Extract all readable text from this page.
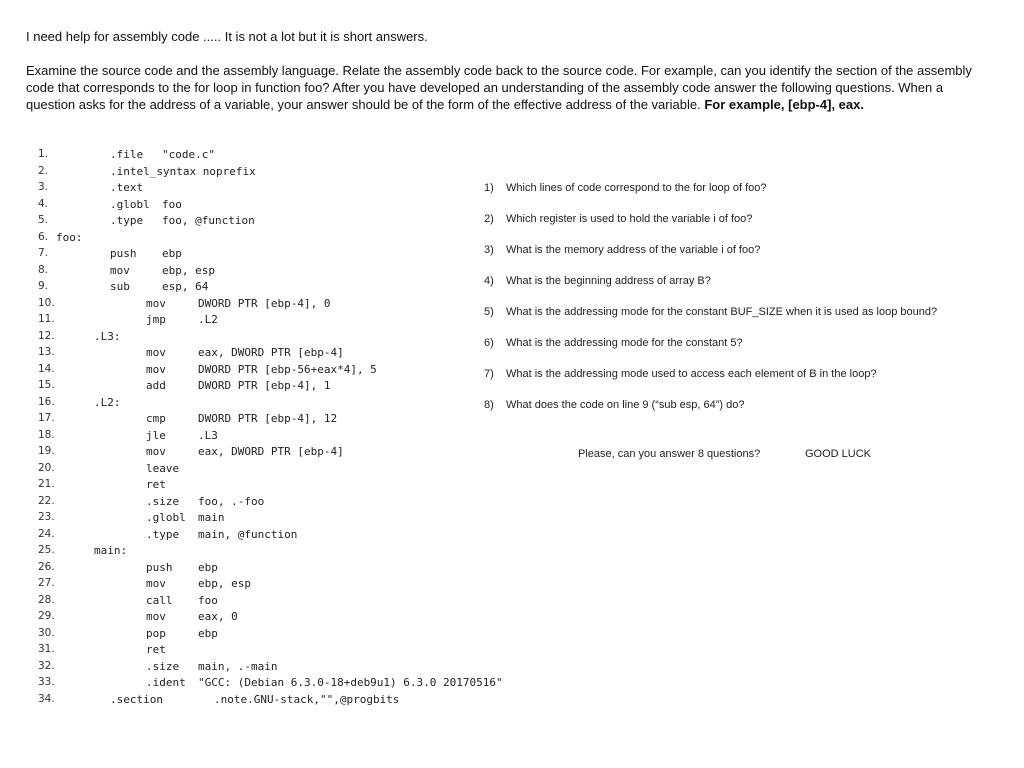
I need help for assembly code ..... It is not a lot but it is short answers.

Examine the source code and the assembly language. Relate the assembly code back to the source code. For example, can you identify the section of the assembly code that corresponds to the for loop in function foo? After you have developed an understanding of the assembly code answer the following questions. When a question asks for the address of a variable, your answer should be of the form of the effective address of the variable. For example, [ebp-4], eax.

1.	.file "code.c"
2.	.intel_syntax noprefix
3.	.text
4.	.globl foo
5.	.type foo, @function
6. foo:
7.	push ebp
8.	mov	ebp, esp
9.	sub	esp, 64
10.	mov	DWORD PTR [ebp-4], 0
11.	jmp	.L2
12.	.L3:
13.	mov	eax, DWORD PTR [ebp-4]
14.	mov	DWORD PTR [ebp-56+eax*4], 5
15.	add	DWORD PTR [ebp-4], 1
16.	.L2:
17.	cmp	DWORD PTR [ebp-4], 12
18.	jle	.L3
19.	mov	eax, DWORD PTR [ebp-4]
20.	leave
21.	ret
22.	.size foo, .-foo
23.	.globl main
24.	.type main, @function
25.	main:
26.	push ebp
27.	mov	ebp, esp
28.	call foo
29.	mov	eax, 0
30.	pop	ebp
31.	ret
32.	.size main, .-main
33.	.ident "GCC: (Debian 6.3.0-18+deb9u1) 6.3.0 20170516"
34.	.section	.note.GNU-stack,"",@progbits
1) Which lines of code correspond to the for loop of foo?
2) Which register is used to hold the variable i of foo?
3) What is the memory address of the variable i of foo?
4) What is the beginning address of array B?
5) What is the addressing mode for the constant BUF_SIZE when it is used as loop bound?
6) What is the addressing mode for the constant 5?
7) What is the addressing mode used to access each element of B in the loop?
8) What does the code on line 9 (“sub esp, 64”) do?
Please, can you answer 8 questions?	GOOD LUCK
